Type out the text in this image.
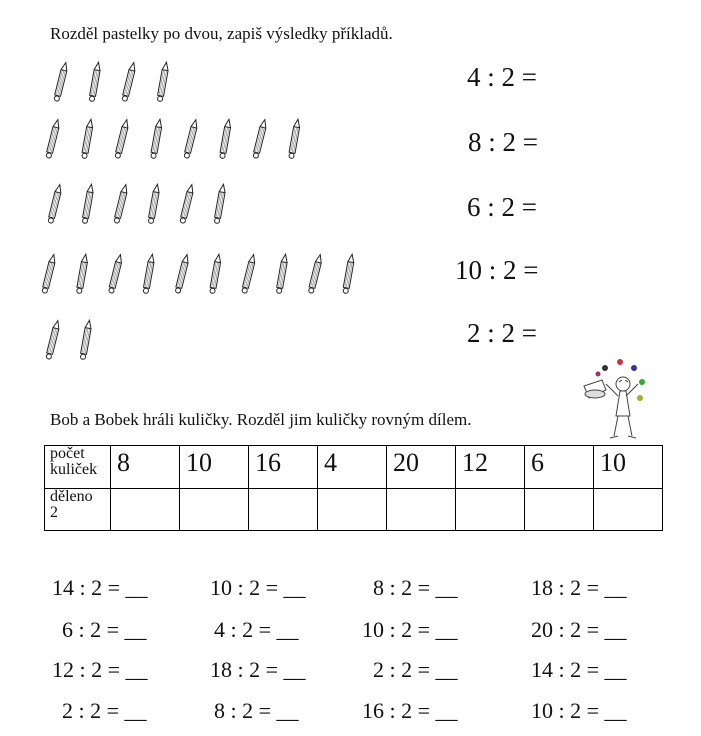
Rozděl pastelky po dvou, zapiš výsledky příkladů.
4 : 2 =
8 : 2 =
6 : 2 =
10 : 2 =
2 : 2 =
Bob a Bobek hráli kuličky. Rozděl jim kuličky rovným dílem.
počet
kuliček	8	10	16	4	20	12	6	10
děleno
2								
14 : 2 = __	10 : 2 = __	8 : 2 = __	18 : 2 = __
6 : 2 = __	4 : 2 = __	10 : 2 = __	20 : 2 = __
12 : 2 = __	18 : 2 = __	2 : 2 = __	14 : 2 = __
2 : 2 = __	8 : 2 = __	16 : 2 = __	10 : 2 = __
